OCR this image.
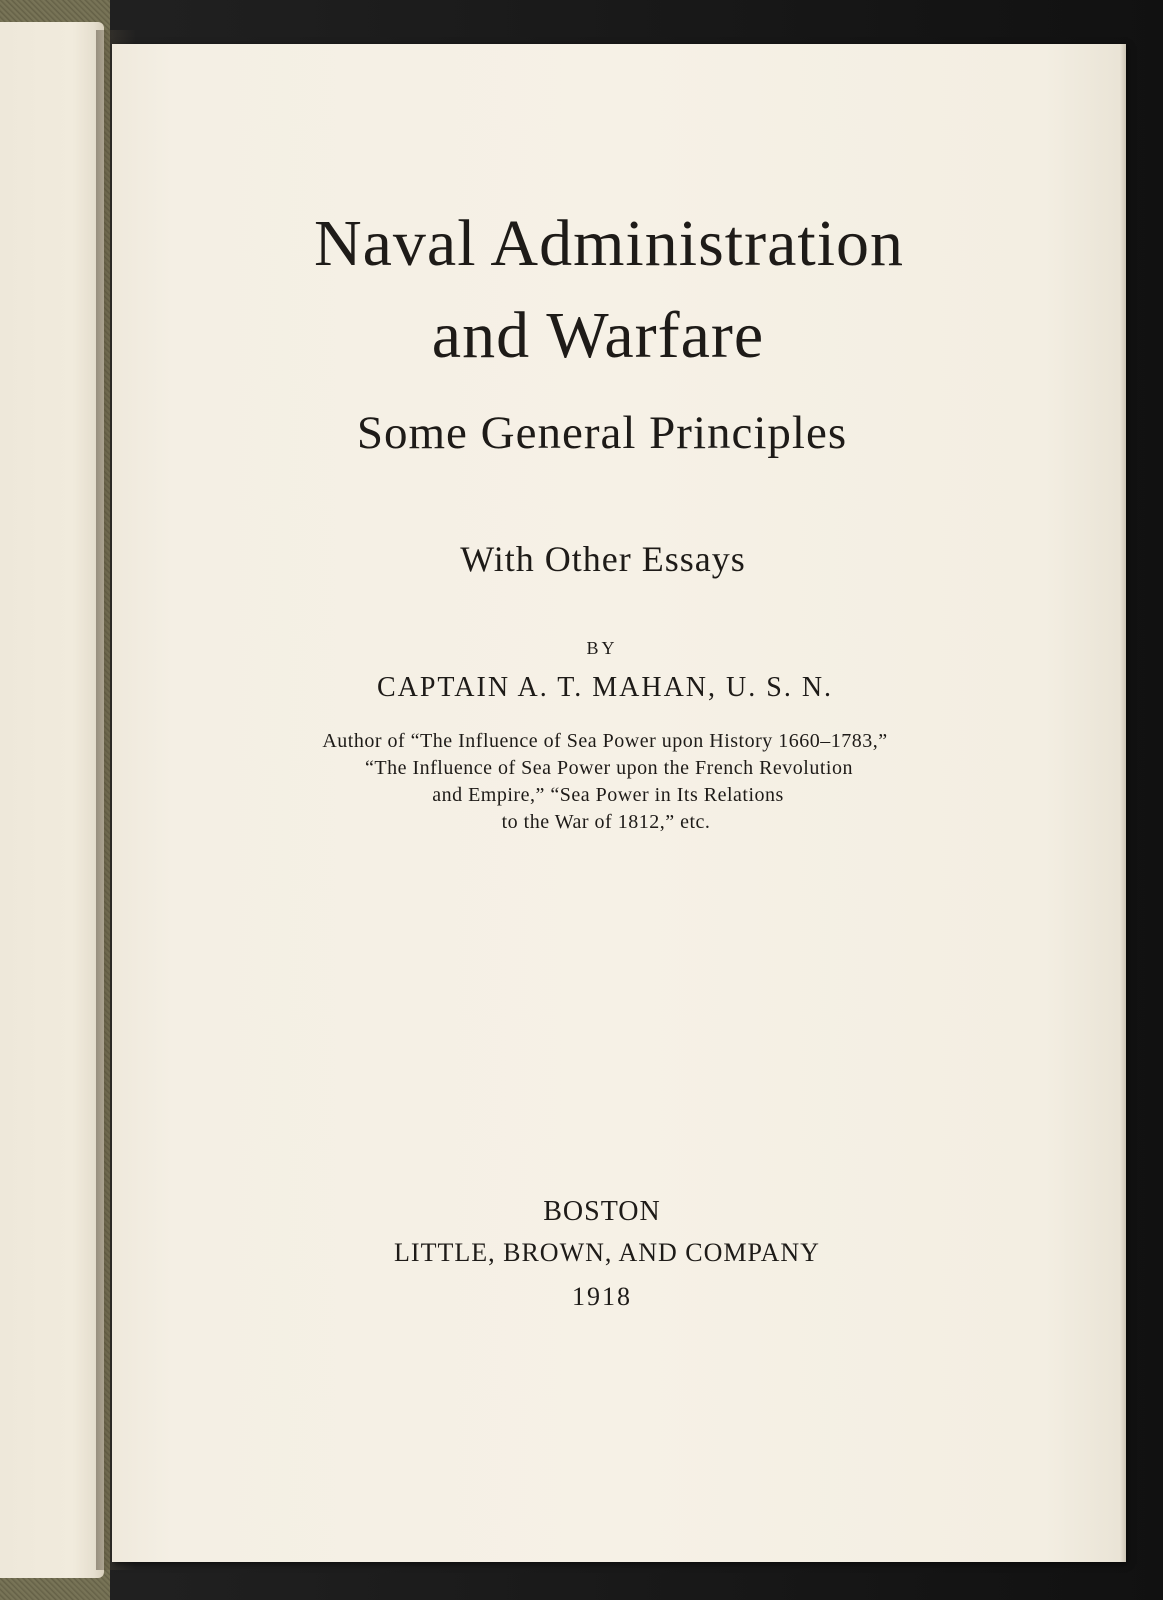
Naval Administration
and Warfare
Some General Principles
With Other Essays
BY
CAPTAIN A. T. MAHAN, U. S. N.
Author of “The Influence of Sea Power upon History 1660–1783,”
“The Influence of Sea Power upon the French Revolution
and Empire,” “Sea Power in Its Relations
to the War of 1812,” etc.
BOSTON
LITTLE, BROWN, AND COMPANY
1918
